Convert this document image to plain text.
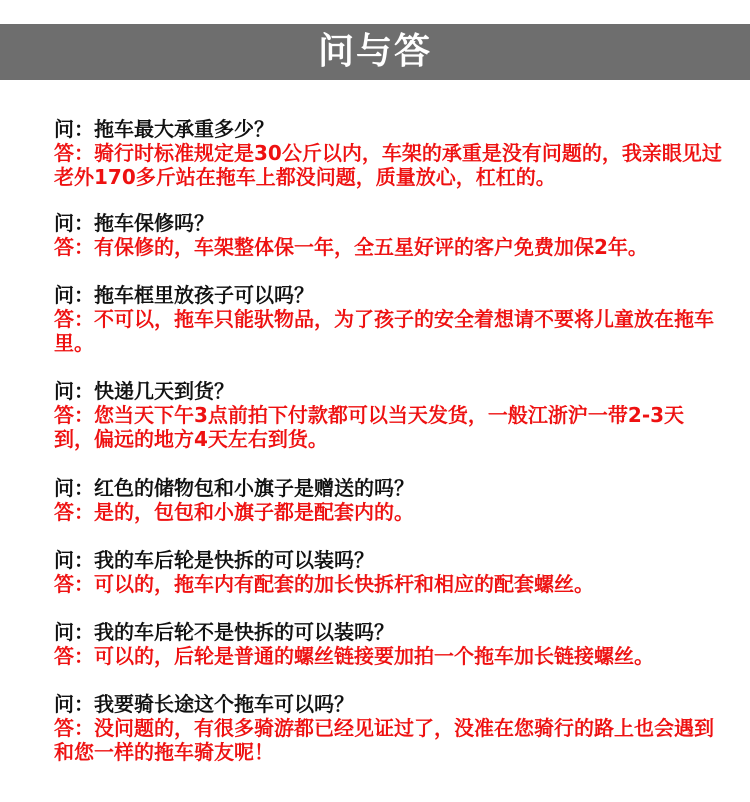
问与答

问：拖车最大承重多少？

答：骑行时标准规定是30公斤以内，车架的承重是没有问题的，我亲眼见过老外170多斤站在拖车上都没问题，质量放心，杠杠的。

问：拖车保修吗？

答：有保修的，车架整体保一年，全五星好评的客户免费加保2年。

问：拖车框里放孩子可以吗？

答：不可以，拖车只能驮物品，为了孩子的安全着想请不要将儿童放在拖车里。

问：快递几天到货？

答：您当天下午3点前拍下付款都可以当天发货，一般江浙沪一带2-3天到，偏远的地方4天左右到货。

问：红色的储物包和小旗子是赠送的吗？

答：是的，包包和小旗子都是配套内的。

问：我的车后轮是快拆的可以装吗？

答：可以的，拖车内有配套的加长快拆杆和相应的配套螺丝。

问：我的车后轮不是快拆的可以装吗？

答：可以的，后轮是普通的螺丝链接要加拍一个拖车加长链接螺丝。

问：我要骑长途这个拖车可以吗？

答：没问题的，有很多骑游都已经见证过了，没准在您骑行的路上也会遇到和您一样的拖车骑友呢！
